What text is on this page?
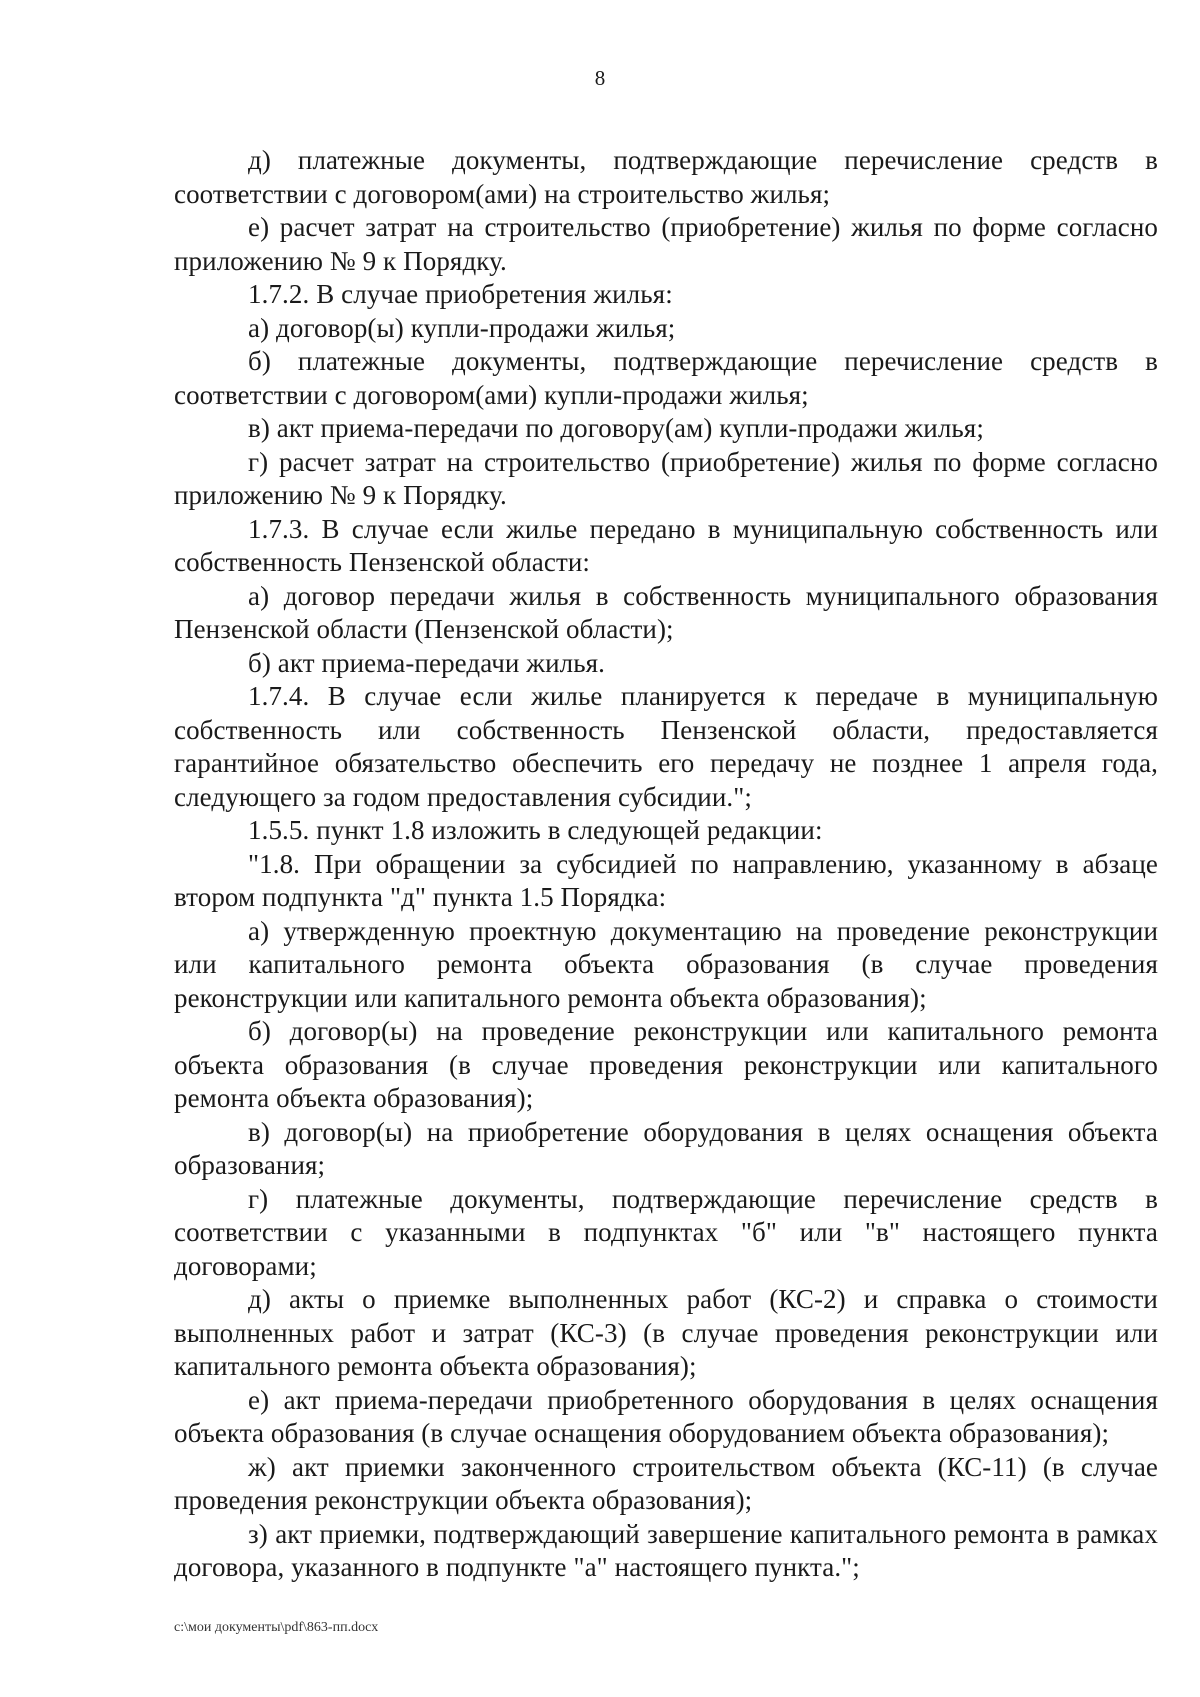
8

д) платежные документы, подтверждающие перечисление средств в соответствии с договором(ами) на строительство жилья;

е) расчет затрат на строительство (приобретение) жилья по форме согласно приложению № 9 к Порядку.

1.7.2. В случае приобретения жилья:

а) договор(ы) купли-продажи жилья;

б) платежные документы, подтверждающие перечисление средств в соответствии с договором(ами) купли-продажи жилья;

в) акт приема-передачи по договору(ам) купли-продажи жилья;

г) расчет затрат на строительство (приобретение) жилья по форме согласно приложению № 9 к Порядку.

1.7.3. В случае если жилье передано в муниципальную собственность или собственность Пензенской области:

а) договор передачи жилья в собственность муниципального образования Пензенской области (Пензенской области);

б) акт приема-передачи жилья.

1.7.4. В случае если жилье планируется к передаче в муниципальную собственность или собственность Пензенской области, предоставляется гарантийное обязательство обеспечить его передачу не позднее 1 апреля года, следующего за годом предоставления субсидии.";

1.5.5. пункт 1.8 изложить в следующей редакции:

"1.8. При обращении за субсидией по направлению, указанному в абзаце втором подпункта "д" пункта 1.5 Порядка:

а) утвержденную проектную документацию на проведение реконструкции или капитального ремонта объекта образования (в случае проведения реконструкции или капитального ремонта объекта образования);

б) договор(ы) на проведение реконструкции или капитального ремонта объекта образования (в случае проведения реконструкции или капитального ремонта объекта образования);

в) договор(ы) на приобретение оборудования в целях оснащения объекта образования;

г) платежные документы, подтверждающие перечисление средств в соответствии с указанными в подпунктах "б" или "в" настоящего пункта договорами;

д) акты о приемке выполненных работ (КС-2) и справка о стоимости выполненных работ и затрат (КС-3) (в случае проведения реконструкции или капитального ремонта объекта образования);

е) акт приема-передачи приобретенного оборудования в целях оснащения объекта образования (в случае оснащения оборудованием объекта образования);

ж) акт приемки законченного строительством объекта (КС-11) (в случае проведения реконструкции объекта образования);

з) акт приемки, подтверждающий завершение капитального ремонта в рамках договора, указанного в подпункте "а" настоящего пункта.";

c:\мои документы\pdf\863-пп.docx
